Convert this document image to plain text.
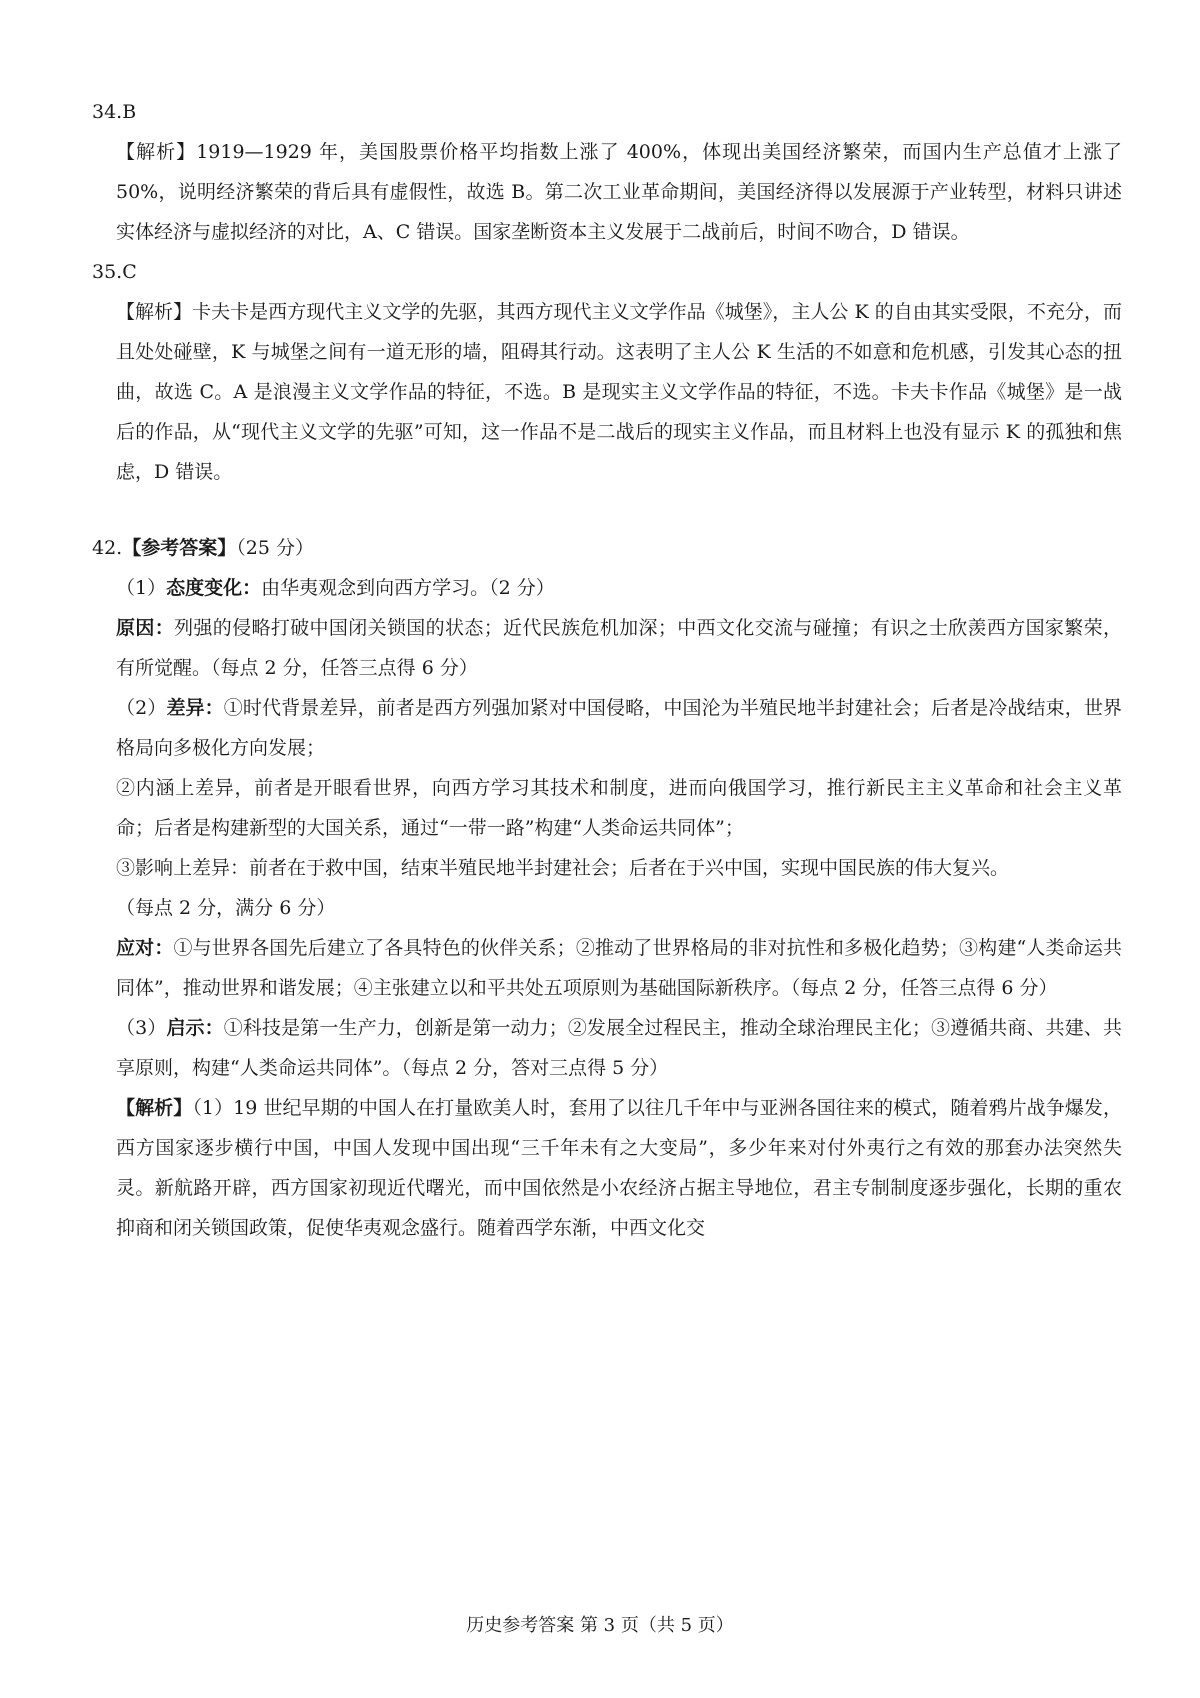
34.B

【解析】1919—1929 年，美国股票价格平均指数上涨了 400%，体现出美国经济繁荣，而国内生产总值才上涨了 50%，说明经济繁荣的背后具有虚假性，故选 B。第二次工业革命期间，美国经济得以发展源于产业转型，材料只讲述实体经济与虚拟经济的对比，A、C 错误。国家垄断资本主义发展于二战前后，时间不吻合，D 错误。

35.C

【解析】卡夫卡是西方现代主义文学的先驱，其西方现代主义文学作品《城堡》，主人公 K 的自由其实受限，不充分，而且处处碰壁，K 与城堡之间有一道无形的墙，阻碍其行动。这表明了主人公 K 生活的不如意和危机感，引发其心态的扭曲，故选 C。A 是浪漫主义文学作品的特征，不选。B 是现实主义文学作品的特征，不选。卡夫卡作品《城堡》是一战后的作品，从“现代主义文学的先驱”可知，这一作品不是二战后的现实主义作品，而且材料上也没有显示 K 的孤独和焦虑，D 错误。

42.【参考答案】（25 分）

（1）态度变化：由华夷观念到向西方学习。（2 分）

原因：列强的侵略打破中国闭关锁国的状态；近代民族危机加深；中西文化交流与碰撞；有识之士欣羡西方国家繁荣，有所觉醒。（每点 2 分，任答三点得 6 分）

（2）差异：①时代背景差异，前者是西方列强加紧对中国侵略，中国沦为半殖民地半封建社会；后者是冷战结束，世界格局向多极化方向发展；

②内涵上差异，前者是开眼看世界，向西方学习其技术和制度，进而向俄国学习，推行新民主主义革命和社会主义革命；后者是构建新型的大国关系，通过“一带一路”构建“人类命运共同体”；

③影响上差异：前者在于救中国，结束半殖民地半封建社会；后者在于兴中国，实现中国民族的伟大复兴。

（每点 2 分，满分 6 分）

应对：①与世界各国先后建立了各具特色的伙伴关系；②推动了世界格局的非对抗性和多极化趋势；③构建“人类命运共同体”，推动世界和谐发展；④主张建立以和平共处五项原则为基础国际新秩序。（每点 2 分，任答三点得 6 分）

（3）启示：①科技是第一生产力，创新是第一动力；②发展全过程民主，推动全球治理民主化；③遵循共商、共建、共享原则，构建“人类命运共同体”。（每点 2 分，答对三点得 5 分）

【解析】（1）19 世纪早期的中国人在打量欧美人时，套用了以往几千年中与亚洲各国往来的模式，随着鸦片战争爆发，西方国家逐步横行中国，中国人发现中国出现“三千年未有之大变局”，多少年来对付外夷行之有效的那套办法突然失灵。新航路开辟，西方国家初现近代曙光，而中国依然是小农经济占据主导地位，君主专制制度逐步强化，长期的重农抑商和闭关锁国政策，促使华夷观念盛行。随着西学东渐，中西文化交

历史参考答案 第 3 页（共 5 页）
